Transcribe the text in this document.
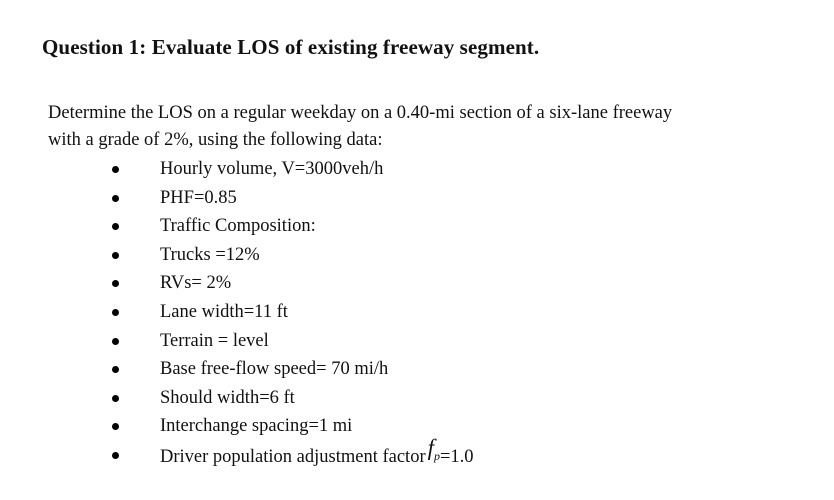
Question 1: Evaluate LOS of existing freeway segment.

Determine the LOS on a regular weekday on a 0.40-mi section of a six-lane freeway

with a grade of 2%, using the following data:

Hourly volume, V=3000veh/h
PHF=0.85
Traffic Composition:
Trucks =12%
RVs= 2%
Lane width=11 ft
Terrain = level
Base free-flow speed= 70 mi/h
Should width=6 ft
Interchange spacing=1 mi
Driver population adjustment factorfp=1.0
